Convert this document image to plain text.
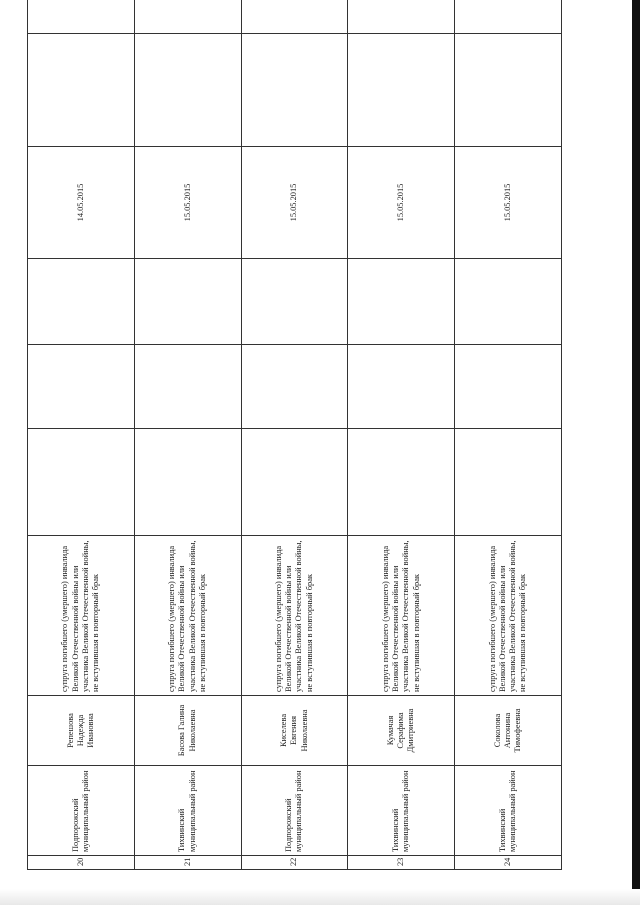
20	Подпорожский муниципальный район	Репешова Надежда Ивановна	супруга погибшего (умершего) инвалида Великой Отечественной войны или участника Великой Отечественной войны, не вступившая в повторный брак				14.05.2015		
21	Тихвинский муниципальный район	Басова Галина Николаевна	супруга погибшего (умершего) инвалида Великой Отечественной войны или участника Великой Отечественной войны, не вступившая в повторный брак				15.05.2015		
22	Подпорожский муниципальный район	Киселева Евгения Николаевна	супруга погибшего (умершего) инвалида Великой Отечественной войны или участника Великой Отечественной войны, не вступившая в повторный брак				15.05.2015		
23	Тихвинский муниципальный район	Кумачая Серафима Дмитриевна	супруга погибшего (умершего) инвалида Великой Отечественной войны или участника Великой Отечественной войны, не вступившая в повторный брак				15.05.2015		
24	Тихвинский муниципальный район	Соколова Антонина Тимофеевна	супруга погибшего (умершего) инвалида Великой Отечественной войны или участника Великой Отечественной войны, не вступившая в повторный брак				15.05.2015		
